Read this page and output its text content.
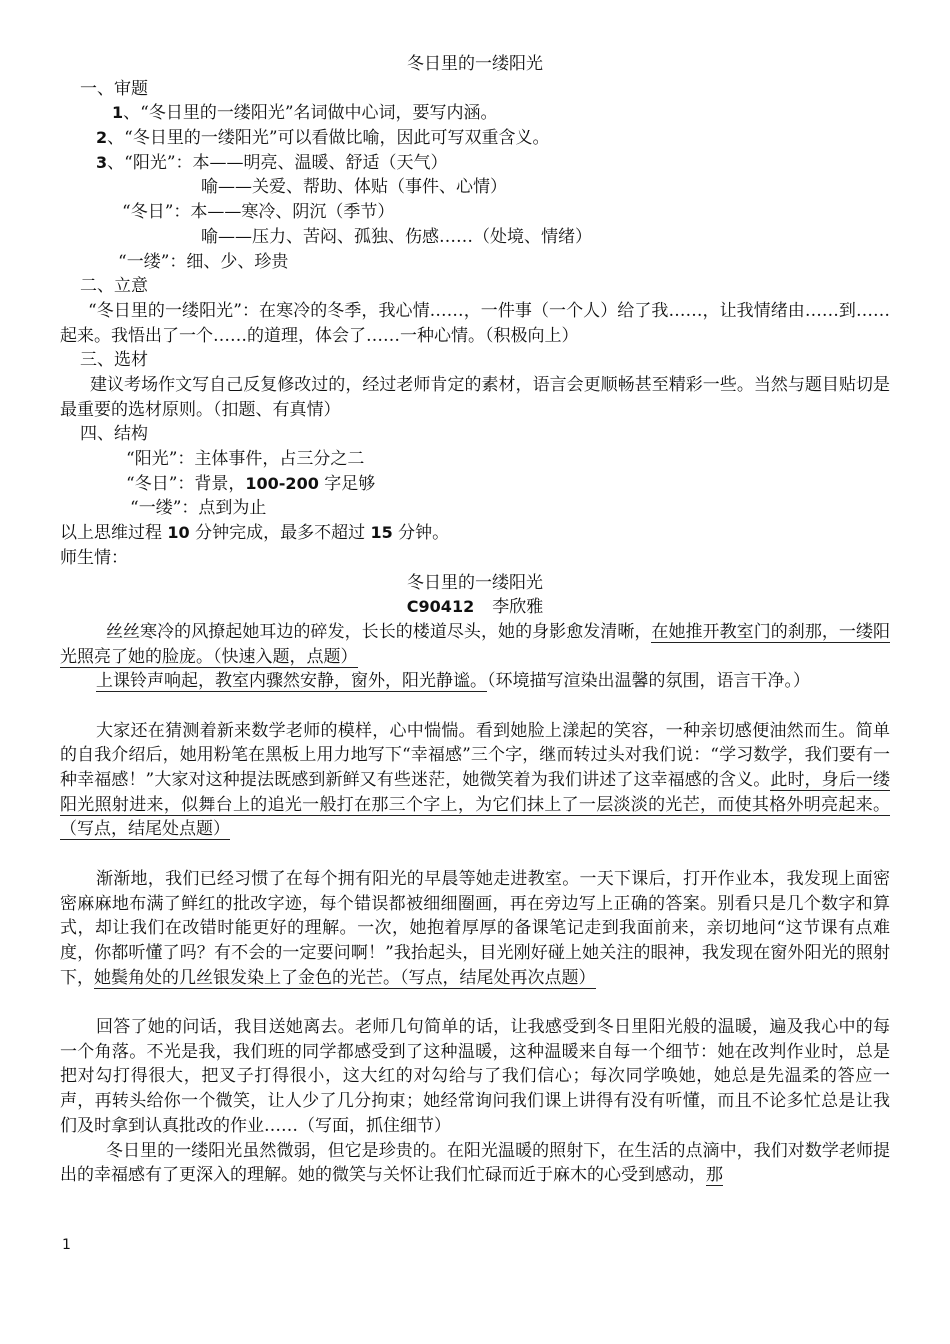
冬日里的一缕阳光
一、审题
1、“冬日里的一缕阳光”名词做中心词，要写内涵。
2、“冬日里的一缕阳光”可以看做比喻，因此可写双重含义。
3、“阳光”：本——明亮、温暖、舒适（天气）
喻——关爱、帮助、体贴（事件、心情）
“冬日”：本——寒冷、阴沉（季节）
喻——压力、苦闷、孤独、伤感……（处境、情绪）
“一缕”：细、少、珍贵
二、立意
“冬日里的一缕阳光”：在寒冷的冬季，我心情……，一件事（一个人）给了我……，让我情绪由……到……起来。我悟出了一个……的道理，体会了……一种心情。（积极向上）
三、选材
建议考场作文写自己反复修改过的，经过老师肯定的素材，语言会更顺畅甚至精彩一些。当然与题目贴切是最重要的选材原则。（扣题、有真情）
四、结构
“阳光”：主体事件，占三分之二
“冬日”：背景，100-200 字足够
“一缕”：点到为止
以上思维过程 10 分钟完成，最多不超过 15 分钟。
师生情：
冬日里的一缕阳光
C90412 李欣雅
丝丝寒冷的风撩起她耳边的碎发，长长的楼道尽头，她的身影愈发清晰，在她推开教室门的刹那，一缕阳光照亮了她的脸庞。（快速入题，点题）
上课铃声响起，教室内骤然安静，窗外，阳光静谧。（环境描写渲染出温馨的氛围，语言干净。）
大家还在猜测着新来数学老师的模样，心中惴惴。看到她脸上漾起的笑容，一种亲切感便油然而生。简单的自我介绍后，她用粉笔在黑板上用力地写下“幸福感”三个字，继而转过头对我们说：“学习数学，我们要有一种幸福感！”大家对这种提法既感到新鲜又有些迷茫，她微笑着为我们讲述了这幸福感的含义。此时，身后一缕阳光照射进来，似舞台上的追光一般打在那三个字上，为它们抹上了一层淡淡的光芒，而使其格外明亮起来。（写点，结尾处点题）
渐渐地，我们已经习惯了在每个拥有阳光的早晨等她走进教室。一天下课后，打开作业本，我发现上面密密麻麻地布满了鲜红的批改字迹，每个错误都被细细圈画，再在旁边写上正确的答案。别看只是几个数字和算式，却让我们在改错时能更好的理解。一次，她抱着厚厚的备课笔记走到我面前来，亲切地问“这节课有点难度，你都听懂了吗？有不会的一定要问啊！”我抬起头，目光刚好碰上她关注的眼神，我发现在窗外阳光的照射下，她鬓角处的几丝银发染上了金色的光芒。（写点，结尾处再次点题）
回答了她的问话，我目送她离去。老师几句简单的话，让我感受到冬日里阳光般的温暖，遍及我心中的每一个角落。不光是我，我们班的同学都感受到了这种温暖，这种温暖来自每一个细节：她在改判作业时，总是把对勾打得很大，把叉子打得很小，这大红的对勾给与了我们信心；每次同学唤她，她总是先温柔的答应一声，再转头给你一个微笑，让人少了几分拘束；她经常询问我们课上讲得有没有听懂，而且不论多忙总是让我们及时拿到认真批改的作业……（写面，抓住细节）
冬日里的一缕阳光虽然微弱，但它是珍贵的。在阳光温暖的照射下，在生活的点滴中，我们对数学老师提出的幸福感有了更深入的理解。她的微笑与关怀让我们忙碌而近于麻木的心受到感动，那
1
